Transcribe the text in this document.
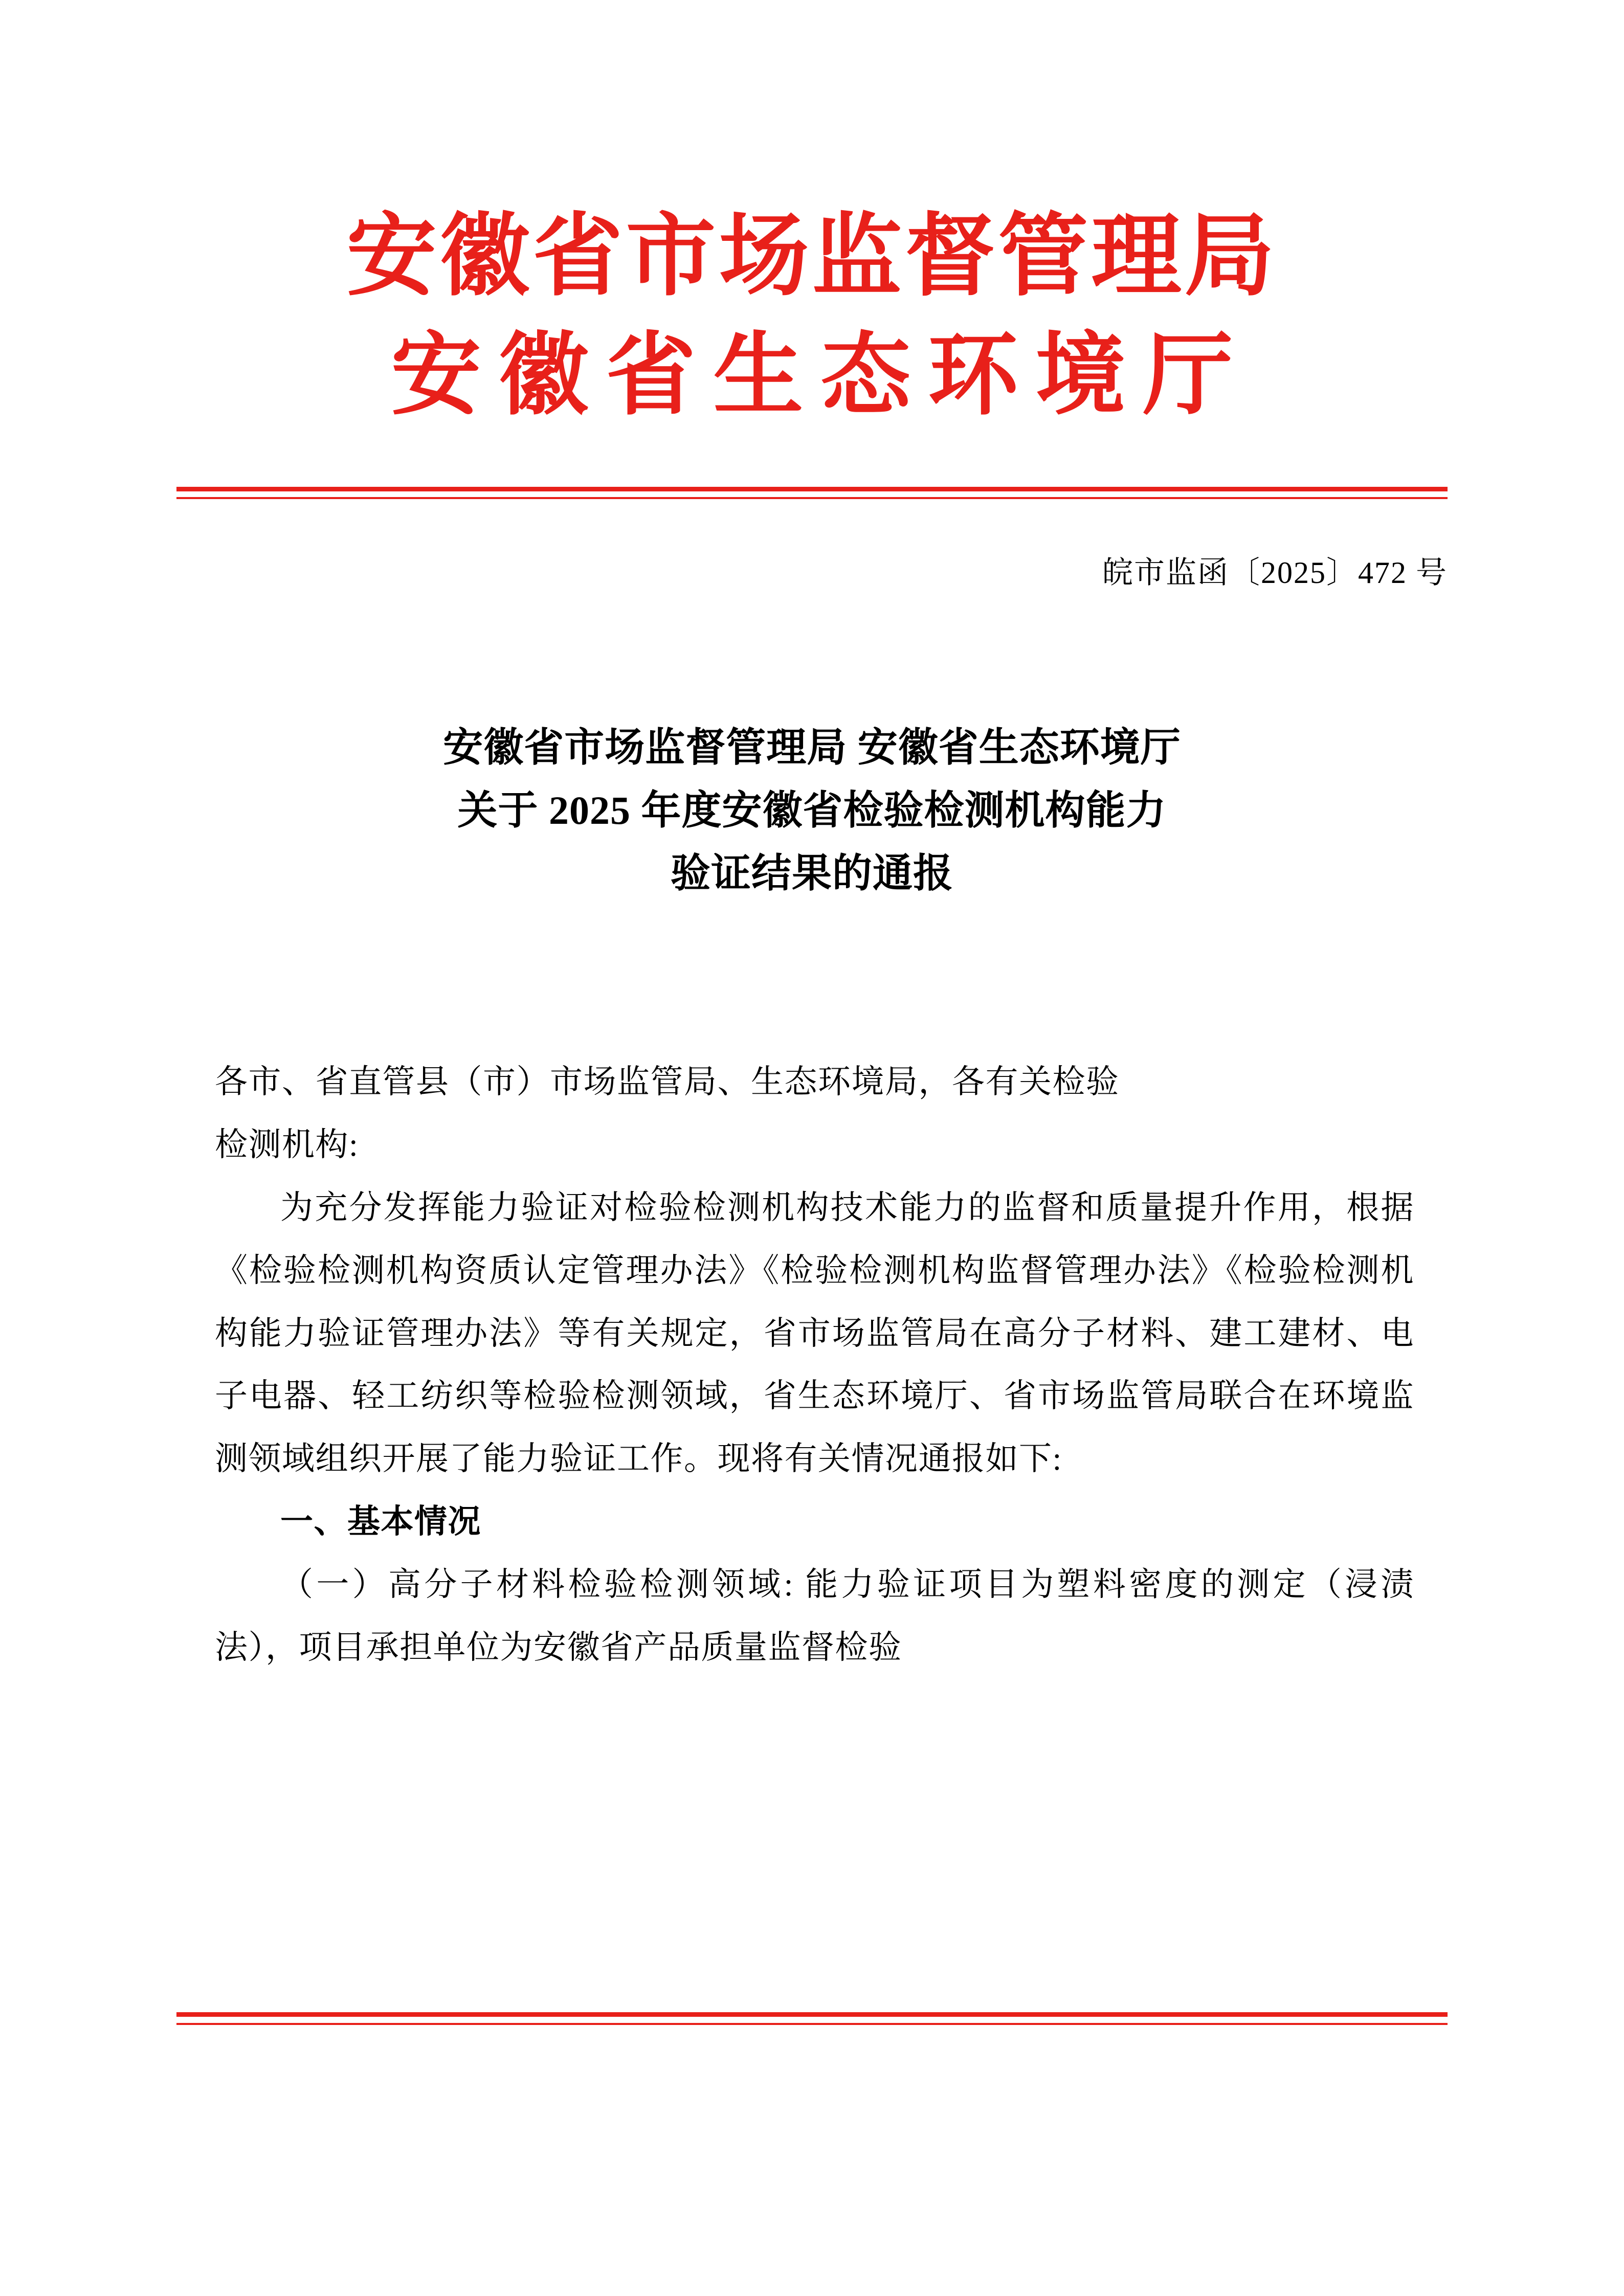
安徽省市场监督管理局
安徽省生态环境厅
皖市监函〔2025〕472 号
安徽省市场监督管理局 安徽省生态环境厅
关于 2025 年度安徽省检验检测机构能力
验证结果的通报

各市、省直管县（市）市场监管局、生态环境局，各有关检验

检测机构:

为充分发挥能力验证对检验检测机构技术能力的监督和质量提升作用，根据《检验检测机构资质认定管理办法》《检验检测机构监督管理办法》《检验检测机构能力验证管理办法》等有关规定，省市场监管局在高分子材料、建工建材、电子电器、轻工纺织等检验检测领域，省生态环境厅、省市场监管局联合在环境监测领域组织开展了能力验证工作。现将有关情况通报如下:

一、基本情况

（一）高分子材料检验检测领域: 能力验证项目为塑料密度的测定（浸渍法），项目承担单位为安徽省产品质量监督检验
